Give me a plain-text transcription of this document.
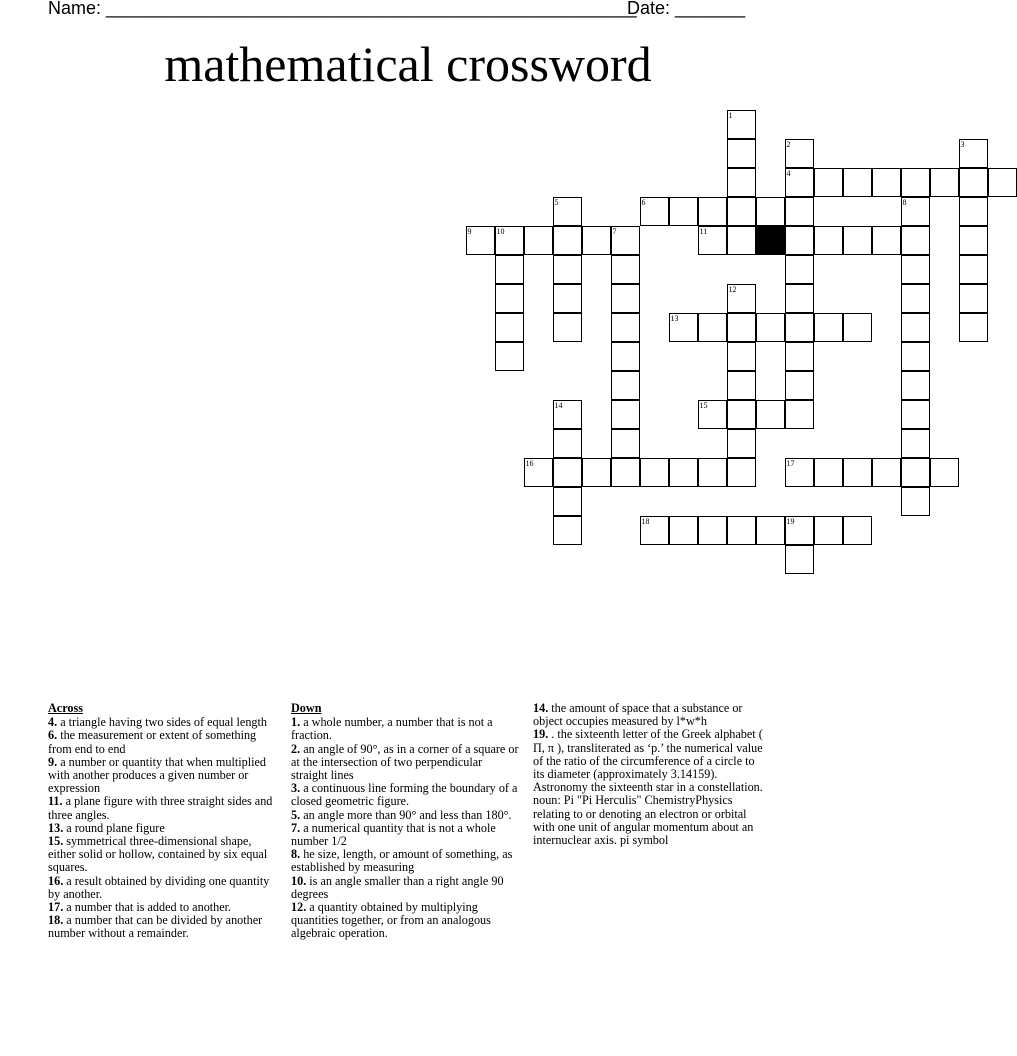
Name: _____________________________________________________
Date: _______
mathematical crossword
9	10
5
14
16
7
6
11
1
12
13
15
2
4
3
8
17
18	19
Across
4. a triangle having two sides of equal length
6. the measurement or extent of something from end to end
9. a number or quantity that when multiplied with another produces a given number or expression
11. a plane figure with three straight sides and three angles.
13. a round plane figure
15. symmetrical three-dimensional shape, either solid or hollow, contained by six equal squares.
16. a result obtained by dividing one quantity by another.
17. a number that is added to another.
18. a number that can be divided by another number without a remainder.
Down
1. a whole number, a number that is not a fraction.
2. an angle of 90°, as in a corner of a square or at the intersection of two perpendicular straight lines
3. a continuous line forming the boundary of a closed geometric figure.
5. an angle more than 90° and less than 180°.
7. a numerical quantity that is not a whole number 1/2
8. he size, length, or amount of something, as established by measuring
10. is an angle smaller than a right angle 90 degrees
12. a quantity obtained by multiplying quantities together, or from an analogous algebraic operation.
14. the amount of space that a substance or object occupies measured by l*w*h
19. . the sixteenth letter of the Greek alphabet ( Π, π ), transliterated as ‘p.’ the numerical value of the ratio of the circumference of a circle to its diameter (approximately 3.14159). Astronomy the sixteenth star in a constellation. noun: Pi "Pi Herculis" ChemistryPhysics relating to or denoting an electron or orbital with one unit of angular momentum about an internuclear axis. pi symbol
